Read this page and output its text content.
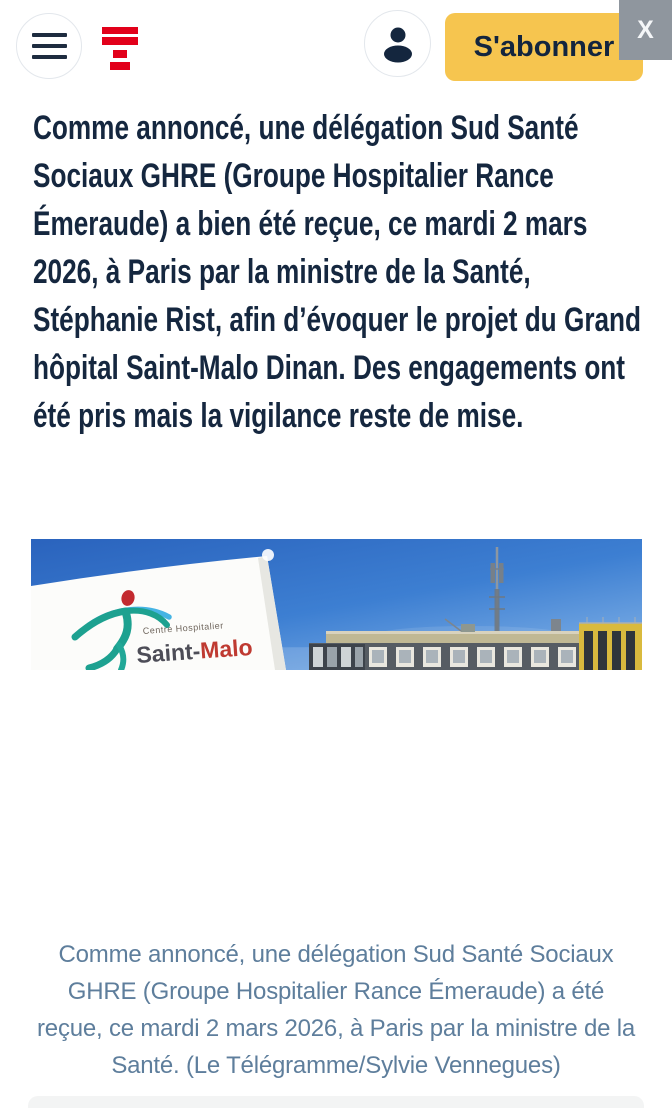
S'abonner
X
Comme annoncé, une délégation Sud Santé Sociaux GHRE (Groupe Hospitalier Rance Émeraude) a bien été reçue, ce mardi 2 mars 2026, à Paris par la ministre de la Santé, Stéphanie Rist, afin d’évoquer le projet du Grand hôpital Saint-Malo Dinan. Des engagements ont été pris mais la vigilance reste de mise.
Centre Hospitalier
Saint-Malo
Comme annoncé, une délégation Sud Santé Sociaux GHRE (Groupe Hospitalier Rance Émeraude) a été reçue, ce mardi 2 mars 2026, à Paris par la ministre de la Santé. (Le Télégramme/Sylvie Vennegues)
